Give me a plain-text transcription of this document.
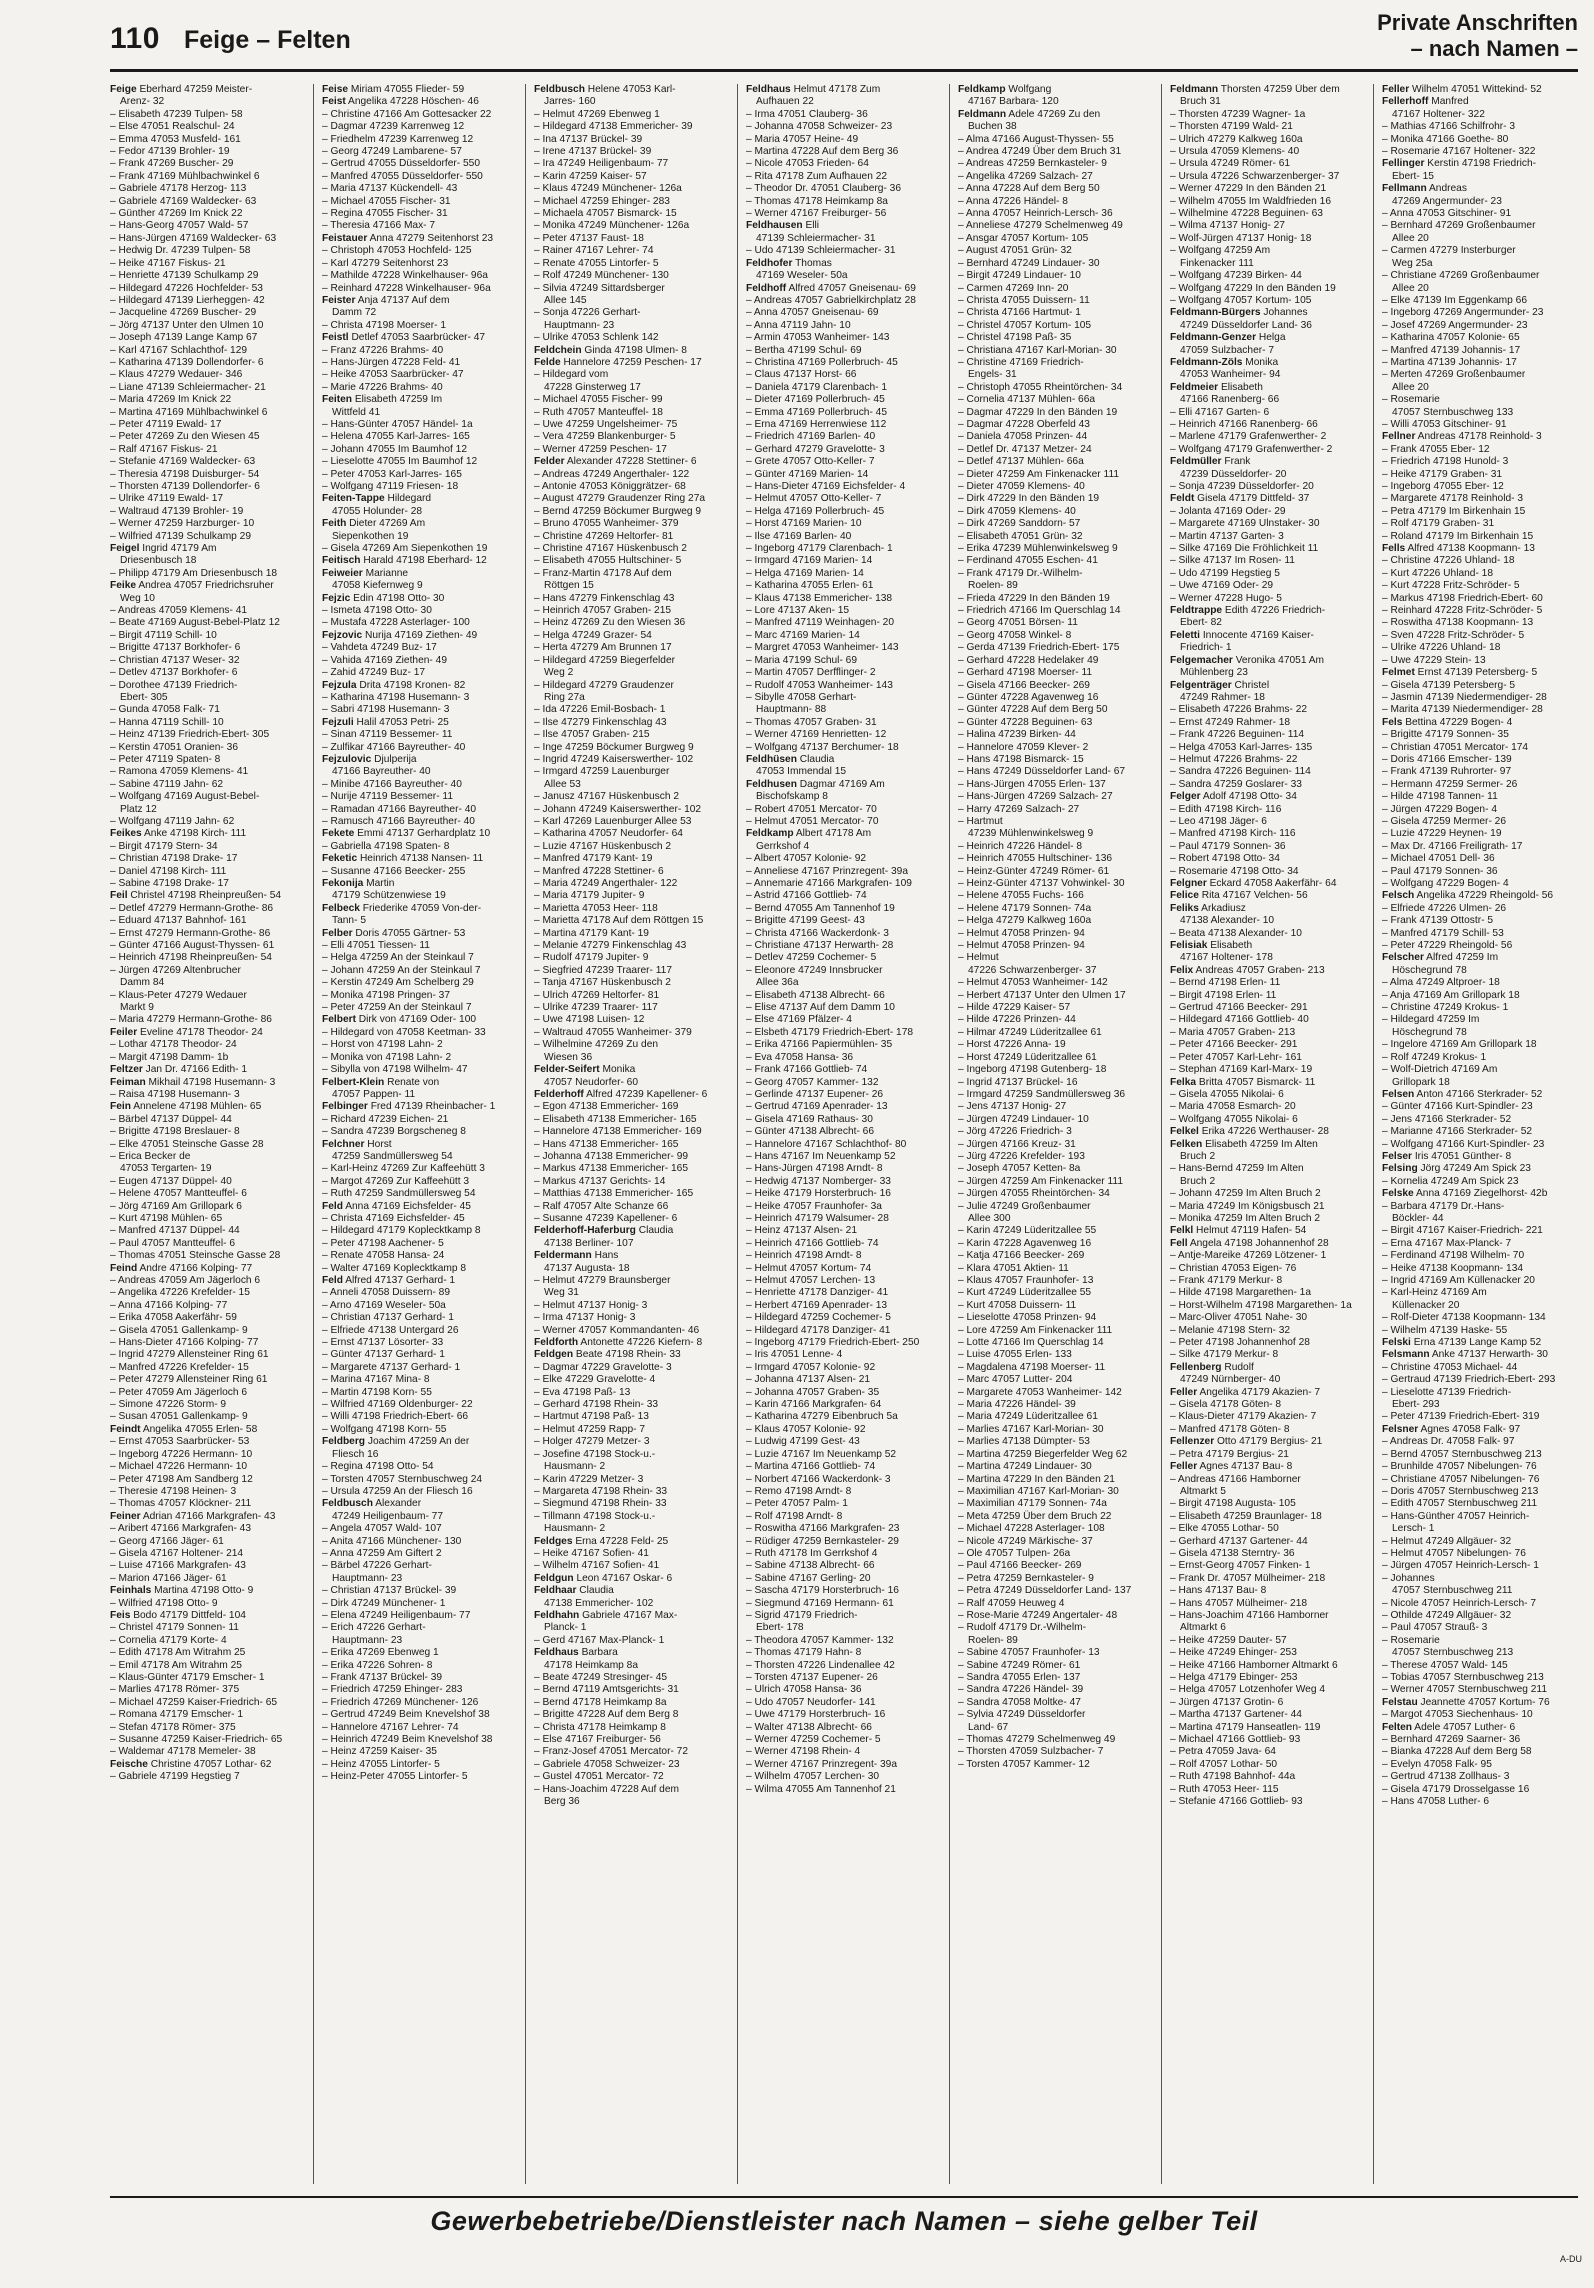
110 Feige – Felten
Private Anschriften
– nach Namen –
Feige Eberhard 47259 Meister-
Arenz- 32
– Elisabeth 47239 Tulpen- 58
– Else 47051 Realschul- 24
– Emma 47053 Musfeld- 161
– Fedor 47139 Brohler- 19
– Frank 47269 Buscher- 29
– Frank 47169 Mühlbachwinkel 6
– Gabriele 47178 Herzog- 113
– Gabriele 47169 Waldecker- 63
– Günther 47269 Im Knick 22
– Hans-Georg 47057 Wald- 57
– Hans-Jürgen 47169 Waldecker- 63
– Hedwig Dr. 47239 Tulpen- 58
– Heike 47167 Fiskus- 21
– Henriette 47139 Schulkamp 29
– Hildegard 47226 Hochfelder- 53
– Hildegard 47139 Lierheggen- 42
– Jacqueline 47269 Buscher- 29
– Jörg 47137 Unter den Ulmen 10
– Joseph 47139 Lange Kamp 67
– Karl 47167 Schlachthof- 129
– Katharina 47139 Dollendorfer- 6
– Klaus 47279 Wedauer- 346
– Liane 47139 Schleiermacher- 21
– Maria 47269 Im Knick 22
– Martina 47169 Mühlbachwinkel 6
– Peter 47119 Ewald- 17
– Peter 47269 Zu den Wiesen 45
– Ralf 47167 Fiskus- 21
– Stefanie 47169 Waldecker- 63
– Theresia 47198 Duisburger- 54
– Thorsten 47139 Dollendorfer- 6
– Ulrike 47119 Ewald- 17
– Waltraud 47139 Brohler- 19
– Werner 47259 Harzburger- 10
– Wilfried 47139 Schulkamp 29
Feigel Ingrid 47179 Am
Driesenbusch 18
– Philipp 47179 Am Driesenbusch 18
Feike Andrea 47057 Friedrichsruher
Weg 10
– Andreas 47059 Klemens- 41
– Beate 47169 August-Bebel-Platz 12
– Birgit 47119 Schill- 10
– Brigitte 47137 Borkhofer- 6
– Christian 47137 Weser- 32
– Detlev 47137 Borkhofer- 6
– Dorothee 47139 Friedrich-
Ebert- 305
– Gunda 47058 Falk- 71
– Hanna 47119 Schill- 10
– Heinz 47139 Friedrich-Ebert- 305
– Kerstin 47051 Oranien- 36
– Peter 47119 Spaten- 8
– Ramona 47059 Klemens- 41
– Sabine 47119 Jahn- 62
– Wolfgang 47169 August-Bebel-
Platz 12
– Wolfgang 47119 Jahn- 62
Feikes Anke 47198 Kirch- 111
– Birgit 47179 Stern- 34
– Christian 47198 Drake- 17
– Daniel 47198 Kirch- 111
– Sabine 47198 Drake- 17
Feil Christel 47198 Rheinpreußen- 54
– Detlef 47279 Hermann-Grothe- 86
– Eduard 47137 Bahnhof- 161
– Ernst 47279 Hermann-Grothe- 86
– Günter 47166 August-Thyssen- 61
– Heinrich 47198 Rheinpreußen- 54
– Jürgen 47269 Altenbrucher
Damm 84
– Klaus-Peter 47279 Wedauer
Markt 9
– Maria 47279 Hermann-Grothe- 86
Feiler Eveline 47178 Theodor- 24
– Lothar 47178 Theodor- 24
– Margit 47198 Damm- 1b
Feltzer Jan Dr. 47166 Edith- 1
Feiman Mikhail 47198 Husemann- 3
– Raisa 47198 Husemann- 3
Fein Annelene 47198 Mühlen- 65
– Bärbel 47137 Düppel- 44
– Brigitte 47198 Breslauer- 8
– Elke 47051 Steinsche Gasse 28
– Erica Becker de
47053 Tergarten- 19
– Eugen 47137 Düppel- 40
– Helene 47057 Mantteuffel- 6
– Jörg 47169 Am Grillopark 6
– Kurt 47198 Mühlen- 65
– Manfred 47137 Düppel- 44
– Paul 47057 Mantteuffel- 6
– Thomas 47051 Steinsche Gasse 28
Feind Andre 47166 Kolping- 77
– Andreas 47059 Am Jägerloch 6
– Angelika 47226 Krefelder- 15
– Anna 47166 Kolping- 77
– Erika 47058 Aakerfähr- 59
– Gisela 47051 Gallenkamp- 9
– Hans-Dieter 47166 Kolping- 77
– Ingrid 47279 Allensteiner Ring 61
– Manfred 47226 Krefelder- 15
– Peter 47279 Allensteiner Ring 61
– Peter 47059 Am Jägerloch 6
– Simone 47226 Storm- 9
– Susan 47051 Gallenkamp- 9
Feindt Angelika 47055 Erlen- 58
– Ernst 47053 Saarbrücker- 53
– Ingeborg 47226 Hermann- 10
– Michael 47226 Hermann- 10
– Peter 47198 Am Sandberg 12
– Theresie 47198 Heinen- 3
– Thomas 47057 Klöckner- 211
Feiner Adrian 47166 Markgrafen- 43
– Aribert 47166 Markgrafen- 43
– Georg 47166 Jäger- 61
– Gisela 47167 Holtener- 214
– Luise 47166 Markgrafen- 43
– Marion 47166 Jäger- 61
Feinhals Martina 47198 Otto- 9
– Wilfried 47198 Otto- 9
Feis Bodo 47179 Dittfeld- 104
– Christel 47179 Sonnen- 11
– Cornelia 47179 Korte- 4
– Edith 47178 Am Witrahm 25
– Emil 47178 Am Witrahm 25
– Klaus-Günter 47179 Emscher- 1
– Marlies 47178 Römer- 375
– Michael 47259 Kaiser-Friedrich- 65
– Romana 47179 Emscher- 1
– Stefan 47178 Römer- 375
– Susanne 47259 Kaiser-Friedrich- 65
– Waldemar 47178 Memeler- 38
Feische Christine 47057 Lothar- 62
– Gabriele 47199 Hegstieg 7
Feise Miriam 47055 Flieder- 59
Feist Angelika 47228 Höschen- 46
– Christine 47166 Am Gottesacker 22
– Dagmar 47239 Karrenweg 12
– Friedhelm 47239 Karrenweg 12
– Georg 47249 Lambarene- 57
– Gertrud 47055 Düsseldorfer- 550
– Manfred 47055 Düsseldorfer- 550
– Maria 47137 Kückendell- 43
– Michael 47055 Fischer- 31
– Regina 47055 Fischer- 31
– Theresia 47166 Max- 7
Feistauer Anna 47279 Seitenhorst 23
– Christoph 47053 Hochfeld- 125
– Karl 47279 Seitenhorst 23
– Mathilde 47228 Winkelhauser- 96a
– Reinhard 47228 Winkelhauser- 96a
Feister Anja 47137 Auf dem
Damm 72
– Christa 47198 Moerser- 1
Feistl Detlef 47053 Saarbrücker- 47
– Franz 47226 Brahms- 40
– Hans-Jürgen 47228 Feld- 41
– Heike 47053 Saarbrücker- 47
– Marie 47226 Brahms- 40
Feiten Elisabeth 47259 Im
Wittfeld 41
– Hans-Günter 47057 Händel- 1a
– Helena 47055 Karl-Jarres- 165
– Johann 47055 Im Baumhof 12
– Lieselotte 47055 Im Baumhof 12
– Peter 47053 Karl-Jarres- 165
– Wolfgang 47119 Friesen- 18
Feiten-Tappe Hildegard
47055 Holunder- 28
Feith Dieter 47269 Am
Siepenkothen 19
– Gisela 47269 Am Siepenkothen 19
Feitisch Harald 47198 Eberhard- 12
Feiweier Marianne
47058 Kiefernweg 9
Fejzic Edin 47198 Otto- 30
– Ismeta 47198 Otto- 30
– Mustafa 47228 Asterlager- 100
Fejzovic Nurija 47169 Ziethen- 49
– Vahdeta 47249 Buz- 17
– Vahida 47169 Ziethen- 49
– Zahid 47249 Buz- 17
Fejzula Drita 47198 Kronen- 82
– Katharina 47198 Husemann- 3
– Sabri 47198 Husemann- 3
Fejzuli Halil 47053 Petri- 25
– Sinan 47119 Bessemer- 11
– Zulfikar 47166 Bayreuther- 40
Fejzulovic Djulperija
47166 Bayreuther- 40
– Minibe 47166 Bayreuther- 40
– Nurije 47119 Bessemer- 11
– Ramadan 47166 Bayreuther- 40
– Ramusch 47166 Bayreuther- 40
Fekete Emmi 47137 Gerhardplatz 10
– Gabriella 47198 Spaten- 8
Feketic Heinrich 47138 Nansen- 11
– Susanne 47166 Beecker- 255
Fekonija Martin
47179 Schützenwiese 19
Felbeck Friederike 47059 Von-der-
Tann- 5
Felber Doris 47055 Gärtner- 53
– Elli 47051 Tiessen- 11
– Helga 47259 An der Steinkaul 7
– Johann 47259 An der Steinkaul 7
– Kerstin 47249 Am Schelberg 29
– Monika 47198 Pringen- 37
– Peter 47259 An der Steinkaul 7
Felbert Dirk von 47169 Oder- 100
– Hildegard von 47058 Keetman- 33
– Horst von 47198 Lahn- 2
– Monika von 47198 Lahn- 2
– Sibylla von 47198 Wilhelm- 47
Felbert-Klein Renate von
47057 Pappen- 11
Felbinger Fred 47139 Rheinbacher- 1
– Richard 47239 Eichen- 21
– Sandra 47239 Borgscheneg 8
Felchner Horst
47259 Sandmüllersweg 54
– Karl-Heinz 47269 Zur Kaffeehütt 3
– Margot 47269 Zur Kaffeehütt 3
– Ruth 47259 Sandmüllersweg 54
Feld Anna 47169 Eichsfelder- 45
– Christa 47169 Eichsfelder- 45
– Hildegard 47179 Koplecktkamp 8
– Peter 47198 Aachener- 5
– Renate 47058 Hansa- 24
– Walter 47169 Koplecktkamp 8
Feld Alfred 47137 Gerhard- 1
– Anneli 47058 Duissern- 89
– Arno 47169 Weseler- 50a
– Christian 47137 Gerhard- 1
– Elfriede 47138 Untergard 26
– Ernst 47137 Lösorter- 33
– Günter 47137 Gerhard- 1
– Margarete 47137 Gerhard- 1
– Marina 47167 Mina- 8
– Martin 47198 Korn- 55
– Wilfried 47169 Oldenburger- 22
– Willi 47198 Friedrich-Ebert- 66
– Wolfgang 47198 Korn- 55
Feldberg Joachim 47259 An der
Fliesch 16
– Regina 47198 Otto- 54
– Torsten 47057 Sternbuschweg 24
– Ursula 47259 An der Fliesch 16
Feldbusch Alexander
47249 Heiligenbaum- 77
– Angela 47057 Wald- 107
– Anita 47166 Münchener- 130
– Anna 47259 Am Giftert 2
– Bärbel 47226 Gerhart-
Hauptmann- 23
– Christian 47137 Brückel- 39
– Dirk 47249 Münchener- 1
– Elena 47249 Heiligenbaum- 77
– Erich 47226 Gerhart-
Hauptmann- 23
– Erika 47269 Ebenweg 1
– Erika 47226 Sohren- 8
– Frank 47137 Brückel- 39
– Friedrich 47259 Ehinger- 283
– Friedrich 47269 Münchener- 126
– Gertrud 47249 Beim Knevelshof 38
– Hannelore 47167 Lehrer- 74
– Heinrich 47249 Beim Knevelshof 38
– Heinz 47259 Kaiser- 35
– Heinz 47055 Lintorfer- 5
– Heinz-Peter 47055 Lintorfer- 5
Feldbusch Helene 47053 Karl-
Jarres- 160
– Helmut 47269 Ebenweg 1
– Hildegard 47138 Emmericher- 39
– Ina 47137 Brückel- 39
– Irene 47137 Brückel- 39
– Ira 47249 Heiligenbaum- 77
– Karin 47259 Kaiser- 57
– Klaus 47249 Münchener- 126a
– Michael 47259 Ehinger- 283
– Michaela 47057 Bismarck- 15
– Monika 47249 Münchener- 126a
– Peter 47137 Faust- 18
– Rainer 47167 Lehrer- 74
– Renate 47055 Lintorfer- 5
– Rolf 47249 Münchener- 130
– Silvia 47249 Sittardsberger
Allee 145
– Sonja 47226 Gerhart-
Hauptmann- 23
– Ulrike 47053 Schlenk 142
Feldchein Ginda 47198 Ulmen- 8
Felde Hannelore 47259 Peschen- 17
– Hildegard vom
47228 Ginsterweg 17
– Michael 47055 Fischer- 99
– Ruth 47057 Manteuffel- 18
– Uwe 47259 Ungelsheimer- 75
– Vera 47259 Blankenburger- 5
– Werner 47259 Peschen- 17
Felder Alexander 47228 Stettiner- 6
– Andreas 47249 Angerthaler- 122
– Antonie 47053 Königgrätzer- 68
– August 47279 Graudenzer Ring 27a
– Bernd 47259 Böckumer Burgweg 9
– Bruno 47055 Wanheimer- 379
– Christine 47269 Heltorfer- 81
– Christine 47167 Hüskenbusch 2
– Elisabeth 47055 Hultschiner- 5
– Franz-Martin 47178 Auf dem
Röttgen 15
– Hans 47279 Finkenschlag 43
– Heinrich 47057 Graben- 215
– Heinz 47269 Zu den Wiesen 36
– Helga 47249 Grazer- 54
– Herta 47279 Am Brunnen 17
– Hildegard 47259 Biegerfelder
Weg 2
– Hildegard 47279 Graudenzer
Ring 27a
– Ida 47226 Emil-Bosbach- 1
– Ilse 47279 Finkenschlag 43
– Ilse 47057 Graben- 215
– Inge 47259 Böckumer Burgweg 9
– Ingrid 47249 Kaiserswerther- 102
– Irmgard 47259 Lauenburger
Allee 53
– Janusz 47167 Hüskenbusch 2
– Johann 47249 Kaiserswerther- 102
– Karl 47269 Lauenburger Allee 53
– Katharina 47057 Neudorfer- 64
– Luzie 47167 Hüskenbusch 2
– Manfred 47179 Kant- 19
– Manfred 47228 Stettiner- 6
– Maria 47249 Angerthaler- 122
– Maria 47179 Jupiter- 9
– Marietta 47053 Heer- 118
– Marietta 47178 Auf dem Röttgen 15
– Martina 47179 Kant- 19
– Melanie 47279 Finkenschlag 43
– Rudolf 47179 Jupiter- 9
– Siegfried 47239 Traarer- 117
– Tanja 47167 Hüskenbusch 2
– Ulrich 47269 Heltorfer- 81
– Ulrike 47239 Traarer- 117
– Uwe 47198 Luisen- 12
– Waltraud 47055 Wanheimer- 379
– Wilhelmine 47269 Zu den
Wiesen 36
Felder-Seifert Monika
47057 Neudorfer- 60
Felderhoff Alfred 47239 Kapellener- 6
– Egon 47138 Emmericher- 169
– Elisabeth 47138 Emmericher- 165
– Hannelore 47138 Emmericher- 169
– Hans 47138 Emmericher- 165
– Johanna 47138 Emmericher- 99
– Markus 47138 Emmericher- 165
– Markus 47137 Gerichts- 14
– Matthias 47138 Emmericher- 165
– Ralf 47057 Alte Schanze 66
– Susanne 47239 Kapellener- 6
Felderhoff-Haferburg Claudia
47138 Berliner- 107
Feldermann Hans
47137 Augusta- 18
– Helmut 47279 Braunsberger
Weg 31
– Helmut 47137 Honig- 3
– Irma 47137 Honig- 3
– Werner 47057 Kommandanten- 46
Feldforth Antonette 47226 Kiefern- 8
Feldgen Beate 47198 Rhein- 33
– Dagmar 47229 Gravelotte- 3
– Elke 47229 Gravelotte- 4
– Eva 47198 Paß- 13
– Gerhard 47198 Rhein- 33
– Hartmut 47198 Paß- 13
– Helmut 47259 Rapp- 7
– Holger 47279 Metzer- 3
– Josefine 47198 Stock-u.-
Hausmann- 2
– Karin 47229 Metzer- 3
– Margareta 47198 Rhein- 33
– Siegmund 47198 Rhein- 33
– Tillmann 47198 Stock-u.-
Hausmann- 2
Feldges Erna 47228 Feld- 25
– Heike 47167 Sofien- 41
– Wilhelm 47167 Sofien- 41
Feldgun Leon 47167 Oskar- 6
Feldhaar Claudia
47138 Emmericher- 102
Feldhahn Gabriele 47167 Max-
Planck- 1
– Gerd 47167 Max-Planck- 1
Feldhaus Barbara
47178 Heimkamp 8a
– Beate 47249 Stresinger- 45
– Bernd 47119 Amtsgerichts- 31
– Bernd 47178 Heimkamp 8a
– Brigitte 47228 Auf dem Berg 8
– Christa 47178 Heimkamp 8
– Else 47167 Freiburger- 56
– Franz-Josef 47051 Mercator- 72
– Gabriele 47058 Schweizer- 23
– Gustel 47051 Mercator- 72
– Hans-Joachim 47228 Auf dem
Berg 36
Feldhaus Helmut 47178 Zum
Aufhauen 22
– Irma 47051 Clauberg- 36
– Johanna 47058 Schweizer- 23
– Maria 47057 Heine- 49
– Martina 47228 Auf dem Berg 36
– Nicole 47053 Frieden- 64
– Rita 47178 Zum Aufhauen 22
– Theodor Dr. 47051 Clauberg- 36
– Thomas 47178 Heimkamp 8a
– Werner 47167 Freiburger- 56
Feldhausen Elli
47139 Schleiermacher- 31
– Udo 47139 Schleiermacher- 31
Feldhofer Thomas
47169 Weseler- 50a
Feldhoff Alfred 47057 Gneisenau- 69
– Andreas 47057 Gabrielkirchplatz 28
– Anna 47057 Gneisenau- 69
– Anna 47119 Jahn- 10
– Armin 47053 Wanheimer- 143
– Bertha 47199 Schul- 69
– Christina 47169 Pollerbruch- 45
– Claus 47137 Horst- 66
– Daniela 47179 Clarenbach- 1
– Dieter 47169 Pollerbruch- 45
– Emma 47169 Pollerbruch- 45
– Erna 47169 Herrenwiese 112
– Friedrich 47169 Barlen- 40
– Gerhard 47279 Gravelotte- 3
– Grete 47057 Otto-Keller- 7
– Günter 47169 Marien- 14
– Hans-Dieter 47169 Eichsfelder- 4
– Helmut 47057 Otto-Keller- 7
– Helga 47169 Pollerbruch- 45
– Horst 47169 Marien- 10
– Ilse 47169 Barlen- 40
– Ingeborg 47179 Clarenbach- 1
– Irmgard 47169 Marien- 14
– Helga 47169 Marien- 14
– Katharina 47055 Erlen- 61
– Klaus 47138 Emmericher- 138
– Lore 47137 Aken- 15
– Manfred 47119 Weinhagen- 20
– Marc 47169 Marien- 14
– Margret 47053 Wanheimer- 143
– Maria 47199 Schul- 69
– Martin 47057 Derfflinger- 2
– Rudolf 47053 Wanheimer- 143
– Sibylle 47058 Gerhart-
Hauptmann- 88
– Thomas 47057 Graben- 31
– Werner 47169 Henrietten- 12
– Wolfgang 47137 Berchumer- 18
Feldhüsen Claudia
47053 Immendal 15
Feldhusen Dagmar 47169 Am
Bischofskamp 8
– Robert 47051 Mercator- 70
– Helmut 47051 Mercator- 70
Feldkamp Albert 47178 Am
Gerrkshof 4
– Albert 47057 Koloniе- 92
– Anneliese 47167 Prinzregent- 39a
– Annemarie 47166 Markgrafen- 109
– Astrid 47166 Gottlieb- 74
– Bernd 47055 Am Tannenhof 19
– Brigitte 47199 Geest- 43
– Christa 47166 Wackerdonk- 3
– Christiane 47137 Herwarth- 28
– Detlev 47259 Cochemer- 5
– Eleonore 47249 Innsbrucker
Allee 36a
– Elisabeth 47138 Albrecht- 66
– Elise 47137 Auf dem Damm 10
– Else 47169 Pfälzer- 4
– Elsbeth 47179 Friedrich-Ebert- 178
– Erika 47166 Papiermühlen- 35
– Eva 47058 Hansa- 36
– Frank 47166 Gottlieb- 74
– Georg 47057 Kammer- 132
– Gerlinde 47137 Eupener- 26
– Gertrud 47169 Apenrader- 13
– Gisela 47169 Rathaus- 30
– Günter 47138 Albrecht- 66
– Hannelore 47167 Schlachthof- 80
– Hans 47167 Im Neuenkamp 52
– Hans-Jürgen 47198 Arndt- 8
– Hedwig 47137 Nomberger- 33
– Heike 47179 Horsterbruch- 16
– Heike 47057 Fraunhofer- 3a
– Heinrich 47179 Walsumer- 28
– Heinz 47137 Alsen- 21
– Heinrich 47166 Gottlieb- 74
– Heinrich 47198 Arndt- 8
– Helmut 47057 Kortum- 74
– Helmut 47057 Lerchen- 13
– Henriette 47178 Danziger- 41
– Herbert 47169 Apenrader- 13
– Hildegard 47259 Cochemer- 5
– Hildegard 47178 Danziger- 41
– Ingeborg 47179 Friedrich-Ebert- 250
– Iris 47051 Lenne- 4
– Irmgard 47057 Koloniе- 92
– Johanna 47137 Alsen- 21
– Johanna 47057 Graben- 35
– Karin 47166 Markgrafen- 64
– Katharina 47279 Eibenbruch 5a
– Klaus 47057 Kolonie- 92
– Ludwig 47199 Gest- 43
– Luzie 47167 Im Neuenkamp 52
– Martina 47166 Gottlieb- 74
– Norbert 47166 Wackerdonk- 3
– Remo 47198 Arndt- 8
– Peter 47057 Palm- 1
– Rolf 47198 Arndt- 8
– Roswitha 47166 Markgrafen- 23
– Rüdiger 47259 Bernkasteler- 29
– Ruth 47178 Im Gerrkshof 4
– Sabine 47138 Albrecht- 66
– Sabine 47167 Gerling- 20
– Sascha 47179 Horsterbruch- 16
– Siegmund 47169 Hermann- 61
– Sigrid 47179 Friedrich-
Ebert- 178
– Theodora 47057 Kammer- 132
– Thomas 47179 Hahn- 8
– Thorsten 47226 Lindenallee 42
– Torsten 47137 Eupener- 26
– Ulrich 47058 Hansa- 36
– Udo 47057 Neudorfer- 141
– Uwe 47179 Horsterbruch- 16
– Walter 47138 Albrecht- 66
– Werner 47259 Cochemer- 5
– Werner 47198 Rhein- 4
– Werner 47167 Prinzregent- 39a
– Wilhelm 47057 Lerchen- 30
– Wilma 47055 Am Tannenhof 21
Feldkamp Wolfgang
47167 Barbara- 120
Feldmann Adele 47269 Zu den
Buchen 38
– Alma 47166 August-Thyssen- 55
– Andrea 47249 Über dem Bruch 31
– Andreas 47259 Bernkasteler- 9
– Angelika 47269 Salzach- 27
– Anna 47228 Auf dem Berg 50
– Anna 47226 Händel- 8
– Anna 47057 Heinrich-Lersch- 36
– Anneliese 47279 Schelmenweg 49
– Ansgar 47057 Kortum- 105
– August 47051 Grün- 32
– Bernhard 47249 Lindauer- 30
– Birgit 47249 Lindauer- 10
– Carmen 47269 Inn- 20
– Christa 47055 Duissern- 11
– Christa 47166 Hartmut- 1
– Christel 47057 Kortum- 105
– Christel 47198 Paß- 35
– Christiana 47167 Karl-Morian- 30
– Christine 47169 Friedrich-
Engels- 31
– Christoph 47055 Rheintörchen- 34
– Cornelia 47137 Mühlen- 66a
– Dagmar 47229 In den Bänden 19
– Dagmar 47228 Oberfeld 43
– Daniela 47058 Prinzen- 44
– Detlef Dr. 47137 Metzer- 24
– Detlef 47137 Mühlen- 66a
– Dieter 47259 Am Finkenacker 111
– Dieter 47059 Klemens- 40
– Dirk 47229 In den Bänden 19
– Dirk 47059 Klemens- 40
– Dirk 47269 Sanddorn- 57
– Elisabeth 47051 Grün- 32
– Erika 47239 Mühlenwinkelsweg 9
– Ferdinand 47055 Eschen- 41
– Frank 47179 Dr.-Wilhelm-
Roelen- 89
– Frieda 47229 In den Bänden 19
– Friedrich 47166 Im Querschlag 14
– Georg 47051 Börsen- 11
– Georg 47058 Winkel- 8
– Gerda 47139 Friedrich-Ebert- 175
– Gerhard 47228 Hedelaker 49
– Gerhard 47198 Moerser- 11
– Gisela 47166 Beecker- 269
– Günter 47228 Agavenweg 16
– Günter 47228 Auf dem Berg 50
– Günter 47228 Beguinen- 63
– Halina 47239 Birken- 44
– Hannelore 47059 Klever- 2
– Hans 47198 Bismarck- 15
– Hans 47249 Düsseldorfer Land- 67
– Hans-Jürgen 47055 Erlen- 137
– Hans-Jürgen 47269 Salzach- 27
– Harry 47269 Salzach- 27
– Hartmut
47239 Mühlenwinkelsweg 9
– Heinrich 47226 Händel- 8
– Heinrich 47055 Hultschiner- 136
– Heinz-Günter 47249 Römer- 61
– Heinz-Günter 47137 Vohwinkel- 30
– Helene 47055 Fuchs- 166
– Helene 47179 Sonnen- 74a
– Helga 47279 Kalkweg 160a
– Helmut 47058 Prinzen- 94
– Helmut 47058 Prinzen- 94
– Helmut
47226 Schwarzenberger- 37
– Helmut 47053 Wanheimer- 142
– Herbert 47137 Unter den Ulmen 17
– Hilde 47229 Kaiser- 57
– Hilde 47226 Prinzen- 44
– Hilmar 47249 Lüderitzallee 61
– Horst 47226 Anna- 19
– Horst 47249 Lüderitzallee 61
– Ingeborg 47198 Gutenberg- 18
– Ingrid 47137 Brückel- 16
– Irmgard 47259 Sandmüllersweg 36
– Jens 47137 Honig- 27
– Jürgen 47249 Lindauer- 10
– Jörg 47226 Friedrich- 3
– Jürgen 47166 Kreuz- 31
– Jürg 47226 Krefelder- 193
– Joseph 47057 Ketten- 8a
– Jürgen 47259 Am Finkenacker 111
– Jürgen 47055 Rheintörchen- 34
– Julie 47249 Großenbaumer
Allee 300
– Karin 47249 Lüderitzallee 55
– Karin 47228 Agavenweg 16
– Katja 47166 Beecker- 269
– Klara 47051 Aktien- 11
– Klaus 47057 Fraunhofer- 13
– Kurt 47249 Lüderitzallee 55
– Kurt 47058 Duissern- 11
– Lieselotte 47058 Prinzen- 94
– Lore 47259 Am Finkenacker 111
– Lotte 47166 Im Querschlag 14
– Luise 47055 Erlen- 133
– Magdalena 47198 Moerser- 11
– Marc 47057 Lutter- 204
– Margarete 47053 Wanheimer- 142
– Maria 47226 Händel- 39
– Maria 47249 Lüderitzallee 61
– Marlies 47167 Karl-Morian- 30
– Marlies 47138 Dümpter- 53
– Martina 47259 Biegerfelder Weg 62
– Martina 47249 Lindauer- 30
– Martina 47229 In den Bänden 21
– Maximilian 47167 Karl-Morian- 30
– Maximilian 47179 Sonnen- 74a
– Meta 47259 Über dem Bruch 22
– Michael 47228 Asterlager- 108
– Nicole 47249 Märkische- 37
– Ole 47057 Tulpen- 26a
– Paul 47166 Beecker- 269
– Petra 47259 Bernkasteler- 9
– Petra 47249 Düsseldorfer Land- 137
– Ralf 47059 Heuweg 4
– Rose-Marie 47249 Angertaler- 48
– Rudolf 47179 Dr.-Wilhelm-
Roelen- 89
– Sabine 47057 Fraunhofer- 13
– Sabine 47249 Römer- 61
– Sandra 47055 Erlen- 137
– Sandra 47226 Händel- 39
– Sandra 47058 Moltke- 47
– Sylvia 47249 Düsseldorfer
Land- 67
– Thomas 47279 Schelmenweg 49
– Thorsten 47059 Sulzbacher- 7
– Torsten 47057 Kammer- 12
Feldmann Thorsten 47259 Über dem
Bruch 31
– Thorsten 47239 Wagner- 1a
– Thorsten 47199 Wald- 21
– Ulrich 47279 Kalkweg 160a
– Ursula 47059 Klemens- 40
– Ursula 47249 Römer- 61
– Ursula 47226 Schwarzenberger- 37
– Werner 47229 In den Bänden 21
– Wilhelm 47055 Im Waldfrieden 16
– Wilhelmine 47228 Beguinen- 63
– Wilma 47137 Honig- 27
– Wolf-Jürgen 47137 Honig- 18
– Wolfgang 47259 Am
Finkenacker 111
– Wolfgang 47239 Birken- 44
– Wolfgang 47229 In den Bänden 19
– Wolfgang 47057 Kortum- 105
Feldmann-Bürgers Johannes
47249 Düsseldorfer Land- 36
Feldmann-Genzer Helga
47059 Sulzbacher- 7
Feldmann-Zöls Monika
47053 Wanheimer- 94
Feldmeier Elisabeth
47166 Ranenberg- 66
– Elli 47167 Garten- 6
– Heinrich 47166 Ranenberg- 66
– Marlene 47179 Grafenwerther- 2
– Wolfgang 47179 Grafenwerther- 2
Feldmüller Frank
47239 Düsseldorfer- 20
– Sonja 47239 Düsseldorfer- 20
Feldt Gisela 47179 Dittfeld- 37
– Jolanta 47169 Oder- 29
– Margarete 47169 Ulnstaker- 30
– Martin 47137 Garten- 3
– Silke 47169 Die Fröhlichkeit 11
– Silke 47137 Im Rosen- 11
– Udo 47199 Hegstieg 5
– Uwe 47169 Oder- 29
– Werner 47228 Hugo- 5
Feldtrappe Edith 47226 Friedrich-
Ebert- 82
Feletti Innocente 47169 Kaiser-
Friedrich- 1
Felgemacher Veronika 47051 Am
Mühlenberg 23
Felgenträger Christel
47249 Rahmer- 18
– Elisabeth 47226 Brahms- 22
– Ernst 47249 Rahmer- 18
– Frank 47226 Beguinen- 114
– Helga 47053 Karl-Jarres- 135
– Helmut 47226 Brahms- 22
– Sandra 47226 Beguinen- 114
– Sandra 47259 Goslarer- 33
Felger Adolf 47198 Otto- 34
– Edith 47198 Kirch- 116
– Leo 47198 Jäger- 6
– Manfred 47198 Kirch- 116
– Paul 47179 Sonnen- 36
– Robert 47198 Otto- 34
– Rosemarie 47198 Otto- 34
Felgner Eckard 47058 Aakerfähr- 64
Felice Rita 47167 Velchen- 56
Feliks Arkadiusz
47138 Alexander- 10
– Beata 47138 Alexander- 10
Felisiak Elisabeth
47167 Holtener- 178
Felix Andreas 47057 Graben- 213
– Bernd 47198 Erlen- 11
– Birgit 47198 Erlen- 11
– Gertrud 47166 Beecker- 291
– Hildegard 47166 Gottlieb- 40
– Maria 47057 Graben- 213
– Peter 47166 Beecker- 291
– Peter 47057 Karl-Lehr- 161
– Stephan 47169 Karl-Marx- 19
Felka Britta 47057 Bismarck- 11
– Gisela 47055 Nikolai- 6
– Maria 47058 Esmarch- 20
– Wolfgang 47055 Nikolai- 6
Felkel Erika 47226 Werthauser- 28
Felken Elisabeth 47259 Im Alten
Bruch 2
– Hans-Bernd 47259 Im Alten
Bruch 2
– Johann 47259 Im Alten Bruch 2
– Maria 47249 Im Königsbusch 21
– Monika 47259 Im Alten Bruch 2
Felkl Helmut 47119 Hafen- 54
Fell Angela 47198 Johannenhof 28
– Antje-Mareike 47269 Lötzener- 1
– Christian 47053 Eigen- 76
– Frank 47179 Merkur- 8
– Hilde 47198 Margarethen- 1a
– Horst-Wilhelm 47198 Margarethen- 1a
– Marc-Oliver 47051 Nahe- 30
– Melanie 47198 Stern- 32
– Peter 47198 Johannenhof 28
– Silke 47179 Merkur- 8
Fellenberg Rudolf
47249 Nürnberger- 40
Feller Angelika 47179 Akazien- 7
– Gisela 47178 Göten- 8
– Klaus-Dieter 47179 Akazien- 7
– Manfred 47178 Göten- 8
Fellenzer Otto 47179 Bergius- 21
– Petra 47179 Bergius- 21
Feller Agnes 47137 Bau- 8
– Andreas 47166 Hamborner
Altmarkt 5
– Birgit 47198 Augusta- 105
– Elisabeth 47259 Braunlager- 18
– Elke 47055 Lothar- 50
– Gerhard 47137 Gartener- 44
– Gisela 47138 Sterntry- 36
– Ernst-Georg 47057 Finken- 1
– Frank Dr. 47057 Mülheimer- 218
– Hans 47137 Bau- 8
– Hans 47057 Mülheimer- 218
– Hans-Joachim 47166 Hamborner
Altmarkt 6
– Heike 47259 Dauter- 57
– Heike 47249 Ehinger- 253
– Heike 47166 Hamborner Altmarkt 6
– Helga 47179 Ebinger- 253
– Helga 47057 Lotzenhofer Weg 4
– Jürgen 47137 Grotin- 6
– Martha 47137 Gartener- 44
– Martina 47179 Hanseatlen- 119
– Michael 47166 Gottlieb- 93
– Petra 47059 Java- 64
– Rolf 47057 Lothar- 50
– Ruth 47198 Bahnhof- 44a
– Ruth 47053 Heer- 115
– Stefanie 47166 Gottlieb- 93
Feller Wilhelm 47051 Wittekind- 52
Fellerhoff Manfred
47167 Holtener- 322
– Mathias 47166 Schilfrohr- 3
– Monika 47166 Goethe- 80
– Rosemarie 47167 Holtener- 322
Fellinger Kerstin 47198 Friedrich-
Ebert- 15
Fellmann Andreas
47269 Angermunder- 23
– Anna 47053 Gitschiner- 91
– Bernhard 47269 Großenbaumer
Allee 20
– Carmen 47279 Insterburger
Weg 25a
– Christiane 47269 Großenbaumer
Allee 20
– Elke 47139 Im Eggenkamp 66
– Ingeborg 47269 Angermunder- 23
– Josef 47269 Angermunder- 23
– Katharina 47057 Kolonie- 65
– Manfred 47139 Johannis- 17
– Martina 47139 Johannis- 17
– Merten 47269 Großenbaumer
Allee 20
– Rosemarie
47057 Sternbuschweg 133
– Willi 47053 Gitschiner- 91
Fellner Andreas 47178 Reinhold- 3
– Frank 47055 Eber- 12
– Friedrich 47198 Hunold- 3
– Heike 47179 Graben- 31
– Ingeborg 47055 Eber- 12
– Margarete 47178 Reinhold- 3
– Petra 47179 Im Birkenhain 15
– Rolf 47179 Graben- 31
– Roland 47179 Im Birkenhain 15
Fells Alfred 47138 Koopmann- 13
– Christine 47226 Uhland- 18
– Kurt 47226 Uhland- 18
– Kurt 47228 Fritz-Schröder- 5
– Markus 47198 Friedrich-Ebert- 60
– Reinhard 47228 Fritz-Schröder- 5
– Roswitha 47138 Koopmann- 13
– Sven 47228 Fritz-Schröder- 5
– Ulrike 47226 Uhland- 18
– Uwe 47229 Stein- 13
Felmet Ernst 47139 Petersberg- 5
– Gisela 47139 Petersberg- 5
– Jasmin 47139 Niedermendiger- 28
– Marita 47139 Niedermendiger- 28
Fels Bettina 47229 Bogen- 4
– Brigitte 47179 Sonnen- 35
– Christian 47051 Mercator- 174
– Doris 47166 Emscher- 139
– Frank 47139 Ruhrorter- 97
– Hermann 47259 Sermer- 26
– Hilde 47198 Tannen- 11
– Jürgen 47229 Bogen- 4
– Gisela 47259 Mermer- 26
– Luzie 47229 Heynen- 19
– Max Dr. 47166 Freiligrath- 17
– Michael 47051 Dell- 36
– Paul 47179 Sonnen- 36
– Wolfgang 47229 Bogen- 4
Felsch Angelika 47229 Rheingold- 56
– Elfriede 47226 Ulmen- 26
– Frank 47139 Ottostr- 5
– Manfred 47179 Schill- 53
– Peter 47229 Rheingold- 56
Felscher Alfred 47259 Im
Höschegrund 78
– Alma 47249 Altproer- 18
– Anja 47169 Am Grillopark 18
– Christine 47249 Krokus- 1
– Hildegard 47259 Im
Höschegrund 78
– Ingelore 47169 Am Grillopark 18
– Rolf 47249 Krokus- 1
– Wolf-Dietrich 47169 Am
Grillopark 18
Felsen Anton 47166 Sterkrader- 52
– Günter 47166 Kurt-Spindler- 23
– Jens 47166 Sterkrader- 52
– Marianne 47166 Sterkrader- 52
– Wolfgang 47166 Kurt-Spindler- 23
Felser Iris 47051 Günther- 8
Felsing Jörg 47249 Am Spick 23
– Kornelia 47249 Am Spick 23
Felske Anna 47169 Ziegelhorst- 42b
– Barbara 47179 Dr.-Hans-
Böckler- 44
– Birgit 47167 Kaiser-Friedrich- 221
– Erna 47167 Max-Planck- 7
– Ferdinand 47198 Wilhelm- 70
– Heike 47138 Koopmann- 134
– Ingrid 47169 Am Küllenacker 20
– Karl-Heinz 47169 Am
Küllenacker 20
– Rolf-Dieter 47138 Koopmann- 134
– Wilhelm 47139 Haske- 55
Felski Erna 47139 Lange Kamp 52
Felsmann Anke 47137 Herwarth- 30
– Christine 47053 Michael- 44
– Gertraud 47139 Friedrich-Ebert- 293
– Lieselotte 47139 Friedrich-
Ebert- 293
– Peter 47139 Friedrich-Ebert- 319
Felsner Agnes 47058 Falk- 97
– Andreas Dr. 47058 Falk- 97
– Bernd 47057 Sternbuschweg 213
– Brunhilde 47057 Nibelungen- 76
– Christiane 47057 Nibelungen- 76
– Doris 47057 Sternbuschweg 213
– Edith 47057 Sternbuschweg 211
– Hans-Günther 47057 Heinrich-
Lersch- 1
– Helmut 47249 Allgäuer- 32
– Helmut 47057 Nibelungen- 76
– Jürgen 47057 Heinrich-Lersch- 1
– Johannes
47057 Sternbuschweg 211
– Nicole 47057 Heinrich-Lersch- 7
– Othilde 47249 Allgäuer- 32
– Paul 47057 Strauß- 3
– Rosemarie
47057 Sternbuschweg 213
– Therese 47057 Wald- 145
– Tobias 47057 Sternbuschweg 213
– Werner 47057 Sternbuschweg 211
Felstau Jeannette 47057 Kortum- 76
– Margot 47053 Siechenhaus- 10
Felten Adele 47057 Luther- 6
– Bernhard 47269 Saarner- 36
– Bianka 47228 Auf dem Berg 58
– Evelyn 47058 Falk- 95
– Gertrud 47138 Zollhaus- 3
– Gisela 47179 Drosselgasse 16
– Hans 47058 Luther- 6
Gewerbebetriebe/Dienstleister nach Namen – siehe gelber Teil
A-DU
